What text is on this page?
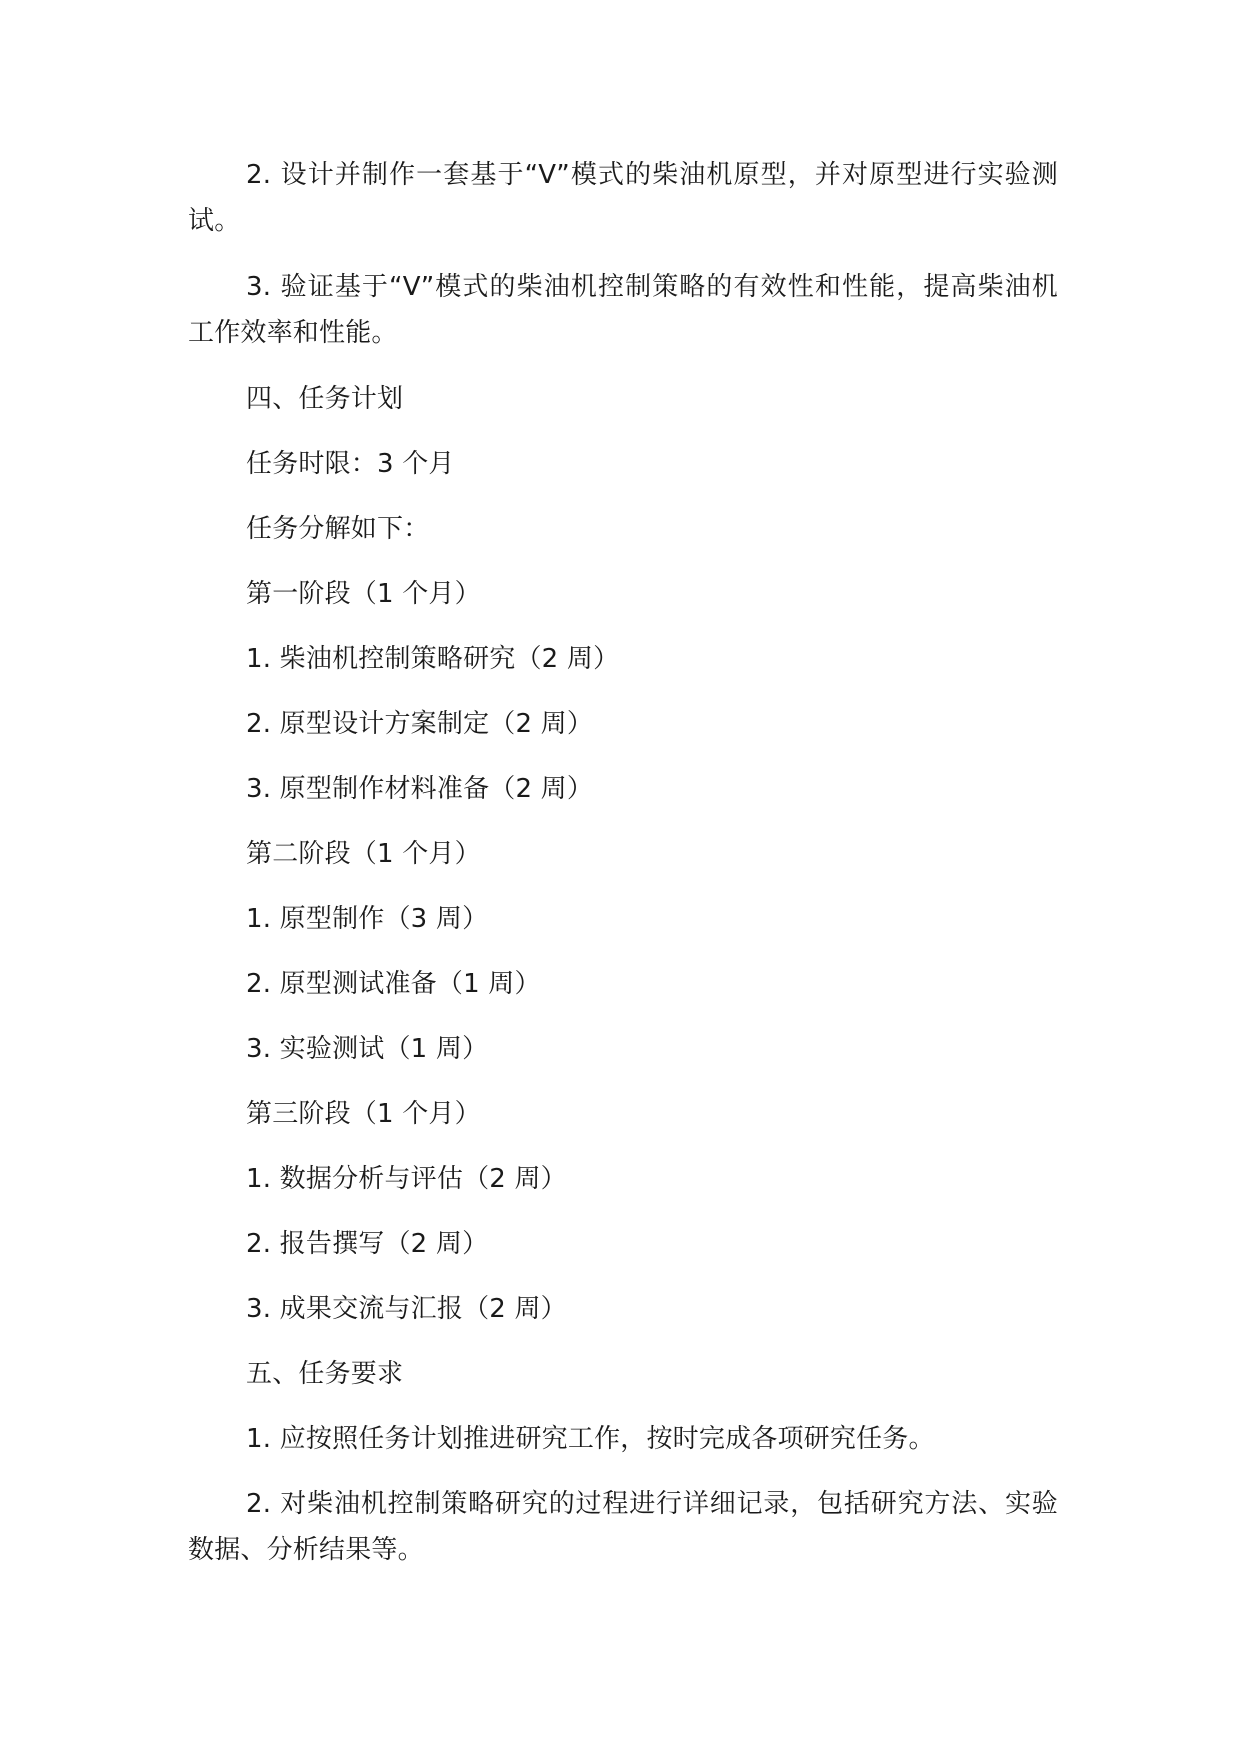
2. 设计并制作一套基于“V”模式的柴油机原型，并对原型进行实验测试。

3. 验证基于“V”模式的柴油机控制策略的有效性和性能，提高柴油机工作效率和性能。

四、任务计划
任务时限：3 个月
任务分解如下：
第一阶段（1 个月）
1. 柴油机控制策略研究（2 周）
2. 原型设计方案制定（2 周）
3. 原型制作材料准备（2 周）
第二阶段（1 个月）
1. 原型制作（3 周）
2. 原型测试准备（1 周）
3. 实验测试（1 周）
第三阶段（1 个月）
1. 数据分析与评估（2 周）
2. 报告撰写（2 周）
3. 成果交流与汇报（2 周）
五、任务要求
1. 应按照任务计划推进研究工作，按时完成各项研究任务。

2. 对柴油机控制策略研究的过程进行详细记录，包括研究方法、实验数据、分析结果等。
